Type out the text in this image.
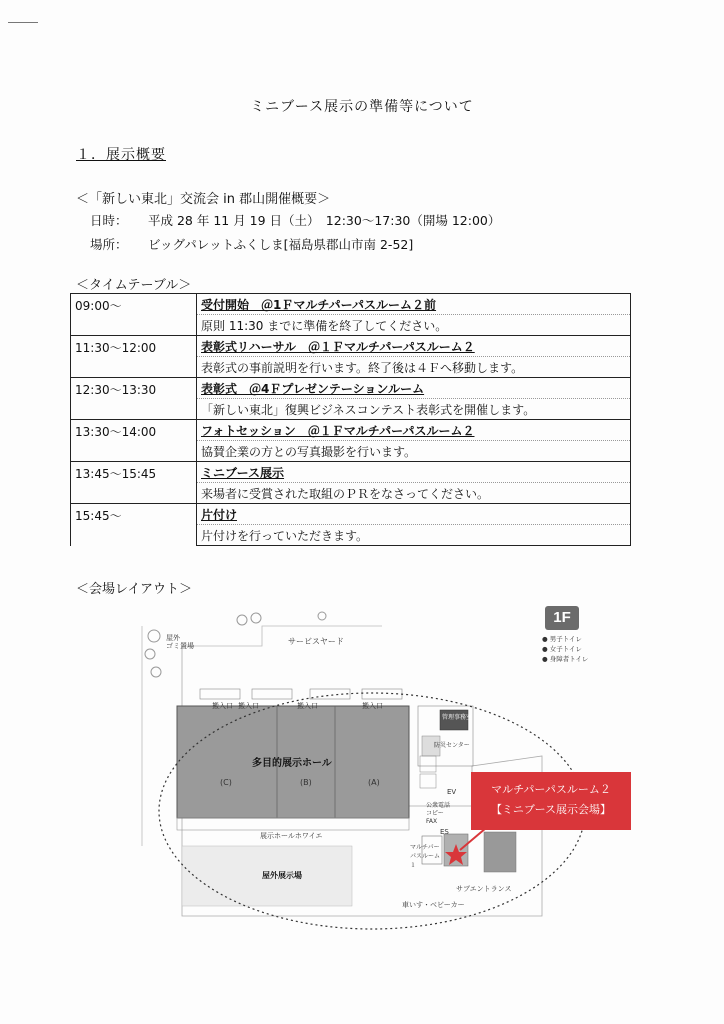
ミニブース展示の準備等について
１．展示概要
＜「新しい東北」交流会 in 郡山開催概要＞
日時： 平成 28 年 11 月 19 日（土）　12:30～17:30（開場 12:00）
場所： ビッグパレットふくしま[福島県郡山市南 2-52]
＜タイムテーブル＞
09:00～	受付開始　＠1Ｆマルチパーパスルーム２前
	原則 11:30 までに準備を終了してください。
11:30～12:00	表彰式リハーサル　＠１Ｆマルチパーパスルーム２
	表彰式の事前説明を行います。終了後は４Ｆへ移動します。
12:30～13:30	表彰式　＠4Ｆプレゼンテーションルーム
	「新しい東北」復興ビジネスコンテスト表彰式を開催します。
13:30～14:00	フォトセッション　＠１Ｆマルチパーパスルーム２
	協賛企業の方との写真撮影を行います。
13:45～15:45	ミニブース展示
	来場者に受賞された取組のＰＲをなさってください。
15:45～	片付け
	片付けを行っていただきます。
＜会場レイアウト＞
1F
● 男子トイレ
● 女子トイレ
● 身障者トイレ
サービスヤード
屋外
ゴミ置場
搬入口 搬入口	搬入口	搬入口
多目的展示ホール
(C)	(B)	(A)
展示ホールホワイエ
屋外展示場
管理事務室
防災センター
EV
ES
公衆電話
コピー
FAX
マルチパーパスルーム１
サブエントランス
車いす・ベビーカー
マルチパーパスルーム２
【ミニブース展示会場】
